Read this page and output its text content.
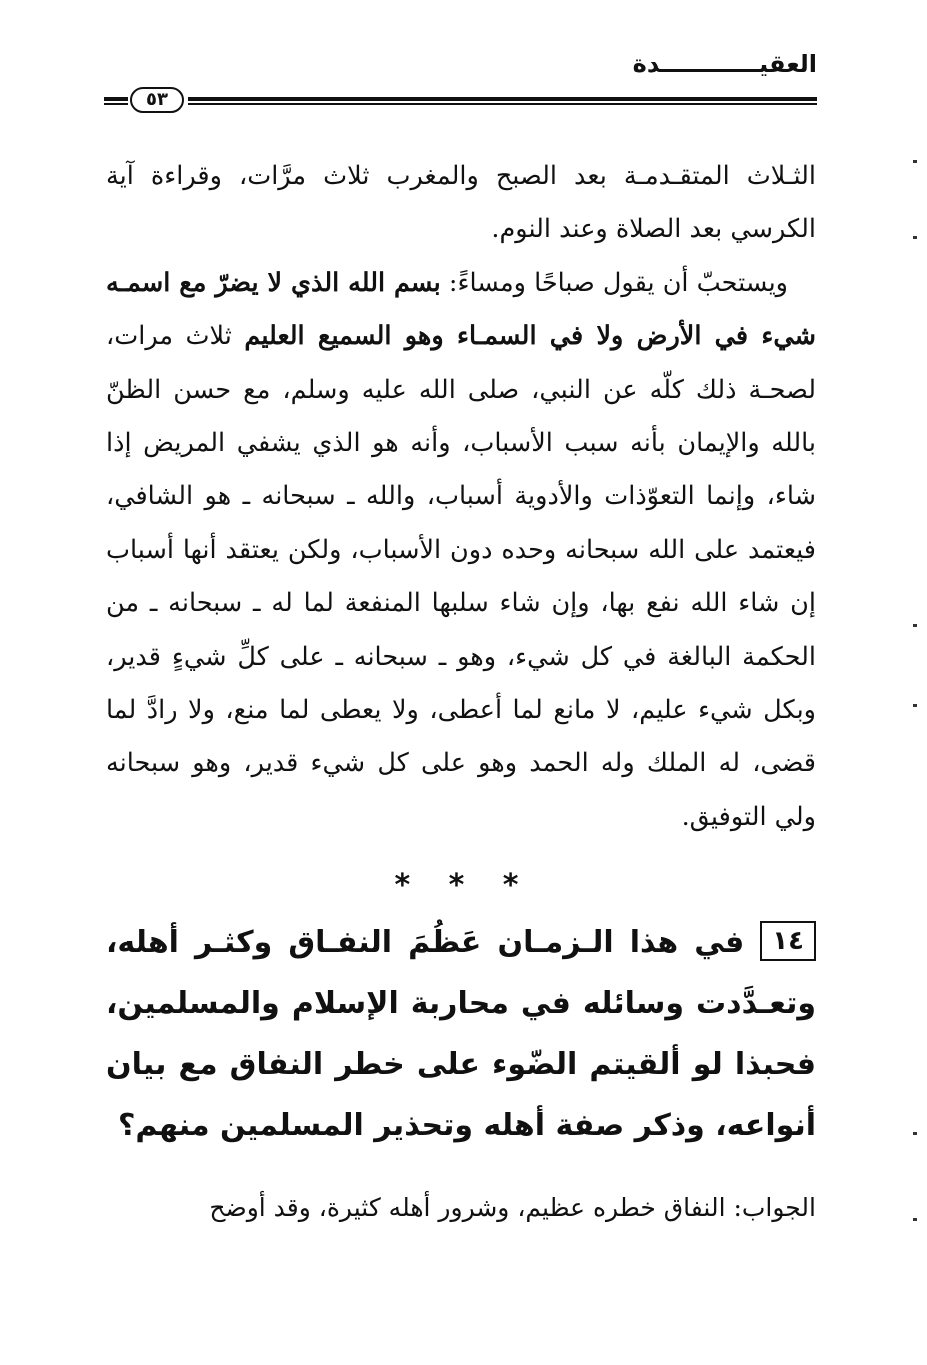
العقيــــــــــــدة
٥٣

الثـلاث المتقـدمـة بعد الصبح والمغرب ثلاث مرَّات، وقراءة آية الكرسي بعد الصلاة وعند النوم.

ويستحبّ أن يقول صباحًا ومساءً: بسم الله الذي لا يضرّ مع اسمـه شيء في الأرض ولا في السمـاء وهو السميع العليم ثلاث مرات، لصحـة ذلك كلّه عن النبي، صلى الله عليه وسلم، مع حسن الظنّ بالله والإيمان بأنه سبب الأسباب، وأنه هو الذي يشفي المريض إذا شاء، وإنما التعوّذات والأدوية أسباب، والله ـ سبحانه ـ هو الشافي، فيعتمد على الله سبحانه وحده دون الأسباب، ولكن يعتقد أنها أسباب إن شاء الله نفع بها، وإن شاء سلبها المنفعة لما له ـ سبحانه ـ من الحكمة البالغة في كل شيء، وهو ـ سبحانه ـ على كلِّ شيءٍ قدير، وبكل شيء عليم، لا مانع لما أعطى، ولا يعطى لما منع، ولا رادَّ لما قضى، له الملك وله الحمد وهو على كل شيء قدير، وهو سبحانه ولي التوفيق.

* * *
١٤في هذا الـزمـان عَظُمَ النفـاق وكثـر أهله، وتعـدَّدت وسائله في محاربة الإسلام والمسلمين، فحبذا لو ألقيتم الضّوء على خطر النفاق مع بيان أنواعه، وذكر صفة أهله وتحذير المسلمين منهم؟
الجواب: النفاق خطره عظيم، وشرور أهله كثيرة، وقد أوضح
